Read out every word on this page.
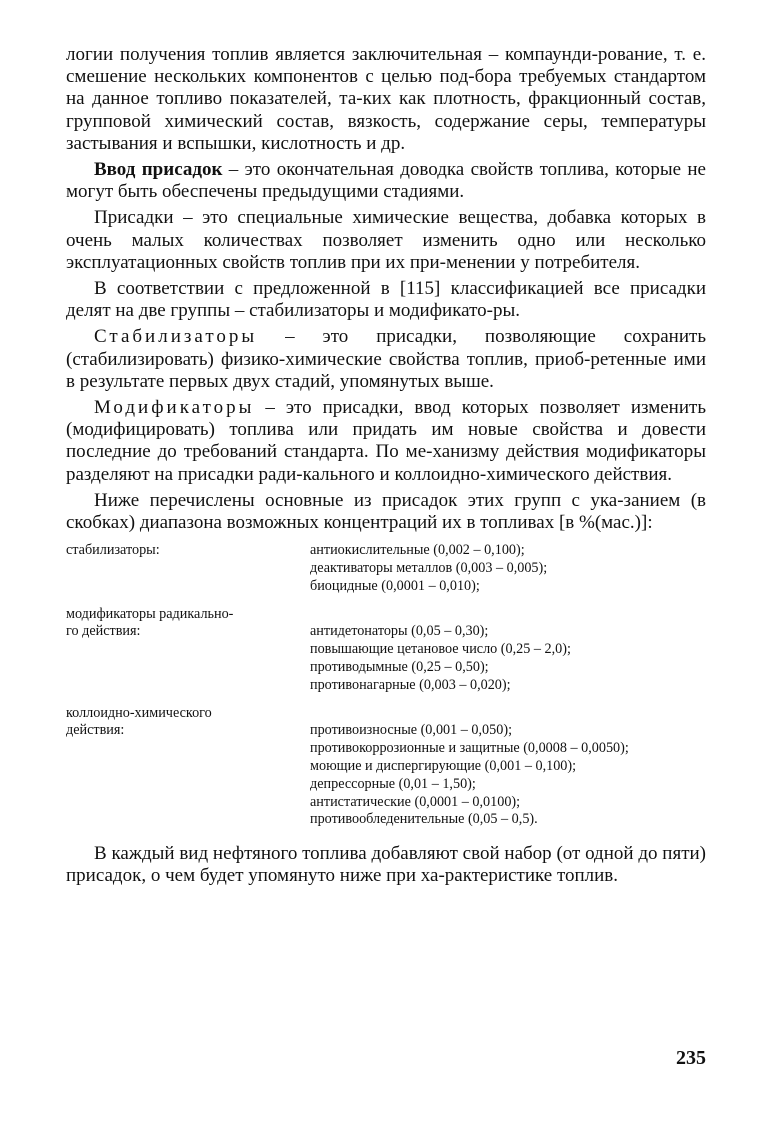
логии получения топлив является заключительная – компаунди-рование, т. е. смешение нескольких компонентов с целью под-бора требуемых стандартом на данное топливо показателей, та-ких как плотность, фракционный состав, групповой химический состав, вязкость, содержание серы, температуры застывания и вспышки, кислотность и др.

Ввод присадок – это окончательная доводка свойств топлива, которые не могут быть обеспечены предыдущими стадиями.

Присадки – это специальные химические вещества, добавка которых в очень малых количествах позволяет изменить одно или несколько эксплуатационных свойств топлив при их при-менении у потребителя.

В соответствии с предложенной в [115] классификацией все присадки делят на две группы – стабилизаторы и модификато-ры.

Стабилизаторы – это присадки, позволяющие сохранить (стабилизировать) физико-химические свойства топлив, приоб-ретенные ими в результате первых двух стадий, упомянутых выше.

Модификаторы – это присадки, ввод которых позволяет изменить (модифицировать) топлива или придать им новые свойства и довести последние до требований стандарта. По ме-ханизму действия модификаторы разделяют на присадки ради-кального и коллоидно-химического действия.

Ниже перечислены основные из присадок этих групп с ука-занием (в скобках) диапазона возможных концентраций их в топливах [в %(мас.)]:

стабилизаторы:	антиокислительные (0,002 – 0,100);
деактиваторы металлов (0,003 – 0,005);
биоцидные (0,0001 – 0,010);
модификаторы радикально-
го действия:	антидетонаторы (0,05 – 0,30);
повышающие цетановое число (0,25 – 2,0);
противодымные (0,25 – 0,50);
противонагарные (0,003 – 0,020);
коллоидно-химического
действия:	противоизносные (0,001 – 0,050);
противокоррозионные и защитные (0,0008 – 0,0050);
моющие и диспергирующие (0,001 – 0,100);
депрессорные (0,01 – 1,50);
антистатические (0,0001 – 0,0100);
противообледенительные (0,05 – 0,5).

В каждый вид нефтяного топлива добавляют свой набор (от одной до пяти) присадок, о чем будет упомянуто ниже при ха-рактеристике топлив.

235
